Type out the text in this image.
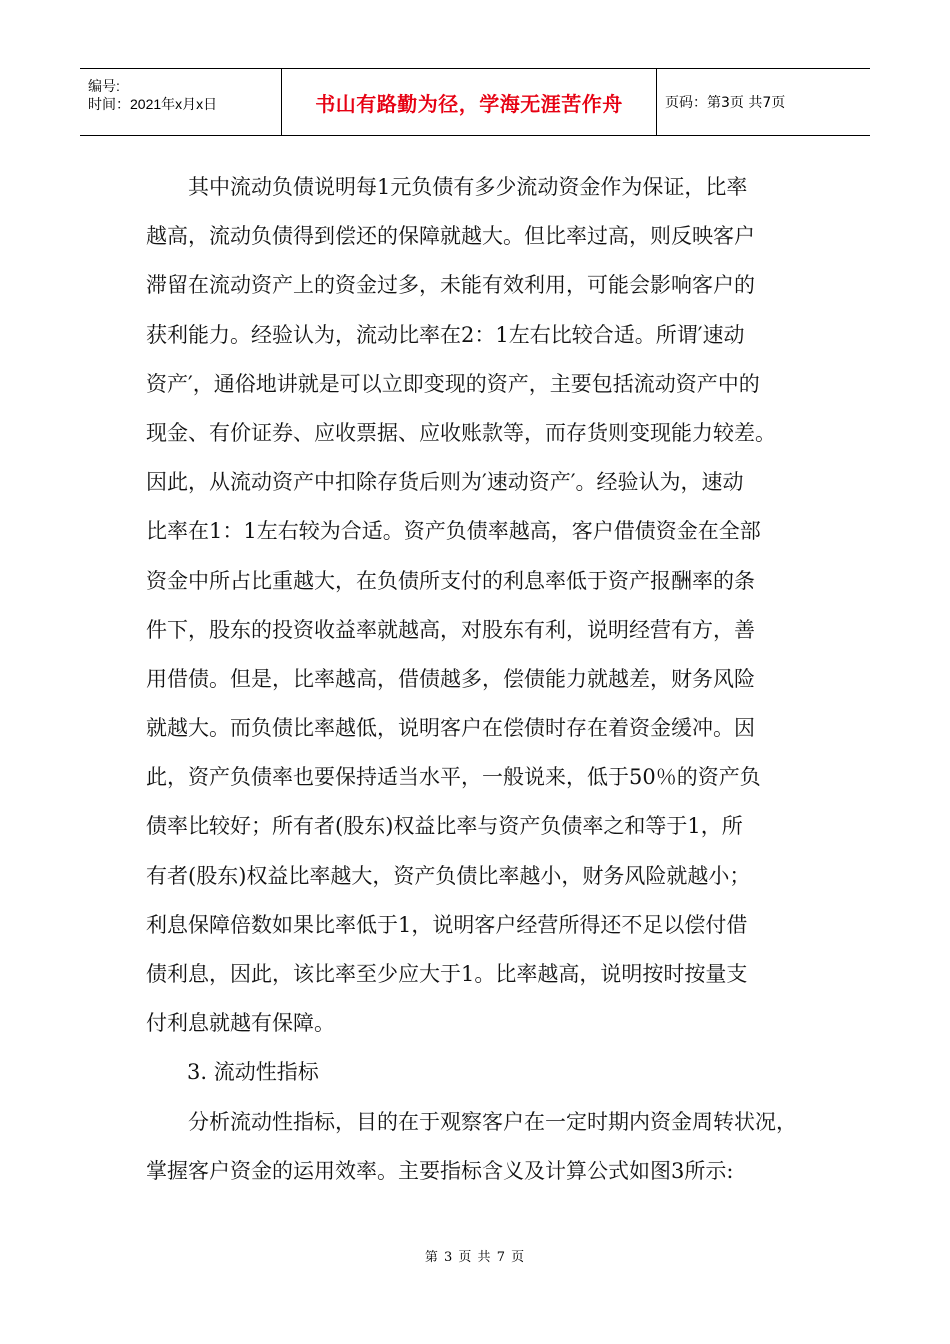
编号:
时间：2021年x月x日	书山有路勤为径，学海无涯苦作舟	页码：第3页 共7页
其中流动负债说明每1元负债有多少流动资金作为保证，比率
越高，流动负债得到偿还的保障就越大。但比率过高，则反映客户
滞留在流动资产上的资金过多，未能有效利用，可能会影响客户的
获利能力。经验认为，流动比率在2：1左右比较合适。所谓′速动
资产′，通俗地讲就是可以立即变现的资产，主要包括流动资产中的
现金、有价证券、应收票据、应收账款等，而存货则变现能力较差。
因此，从流动资产中扣除存货后则为′速动资产′。经验认为，速动
比率在1：1左右较为合适。资产负债率越高，客户借债资金在全部
资金中所占比重越大，在负债所支付的利息率低于资产报酬率的条
件下，股东的投资收益率就越高，对股东有利，说明经营有方，善
用借债。但是，比率越高，借债越多，偿债能力就越差，财务风险
就越大。而负债比率越低，说明客户在偿债时存在着资金缓冲。因
此，资产负债率也要保持适当水平，一般说来，低于50％的资产负
债率比较好；所有者(股东)权益比率与资产负债率之和等于1，所
有者(股东)权益比率越大，资产负债比率越小，财务风险就越小；
利息保障倍数如果比率低于1，说明客户经营所得还不足以偿付借
债利息，因此，该比率至少应大于1。比率越高，说明按时按量支
付利息就越有保障。
3. 流动性指标
分析流动性指标，目的在于观察客户在一定时期内资金周转状况，
掌握客户资金的运用效率。主要指标含义及计算公式如图3所示:
第 3 页 共 7 页
